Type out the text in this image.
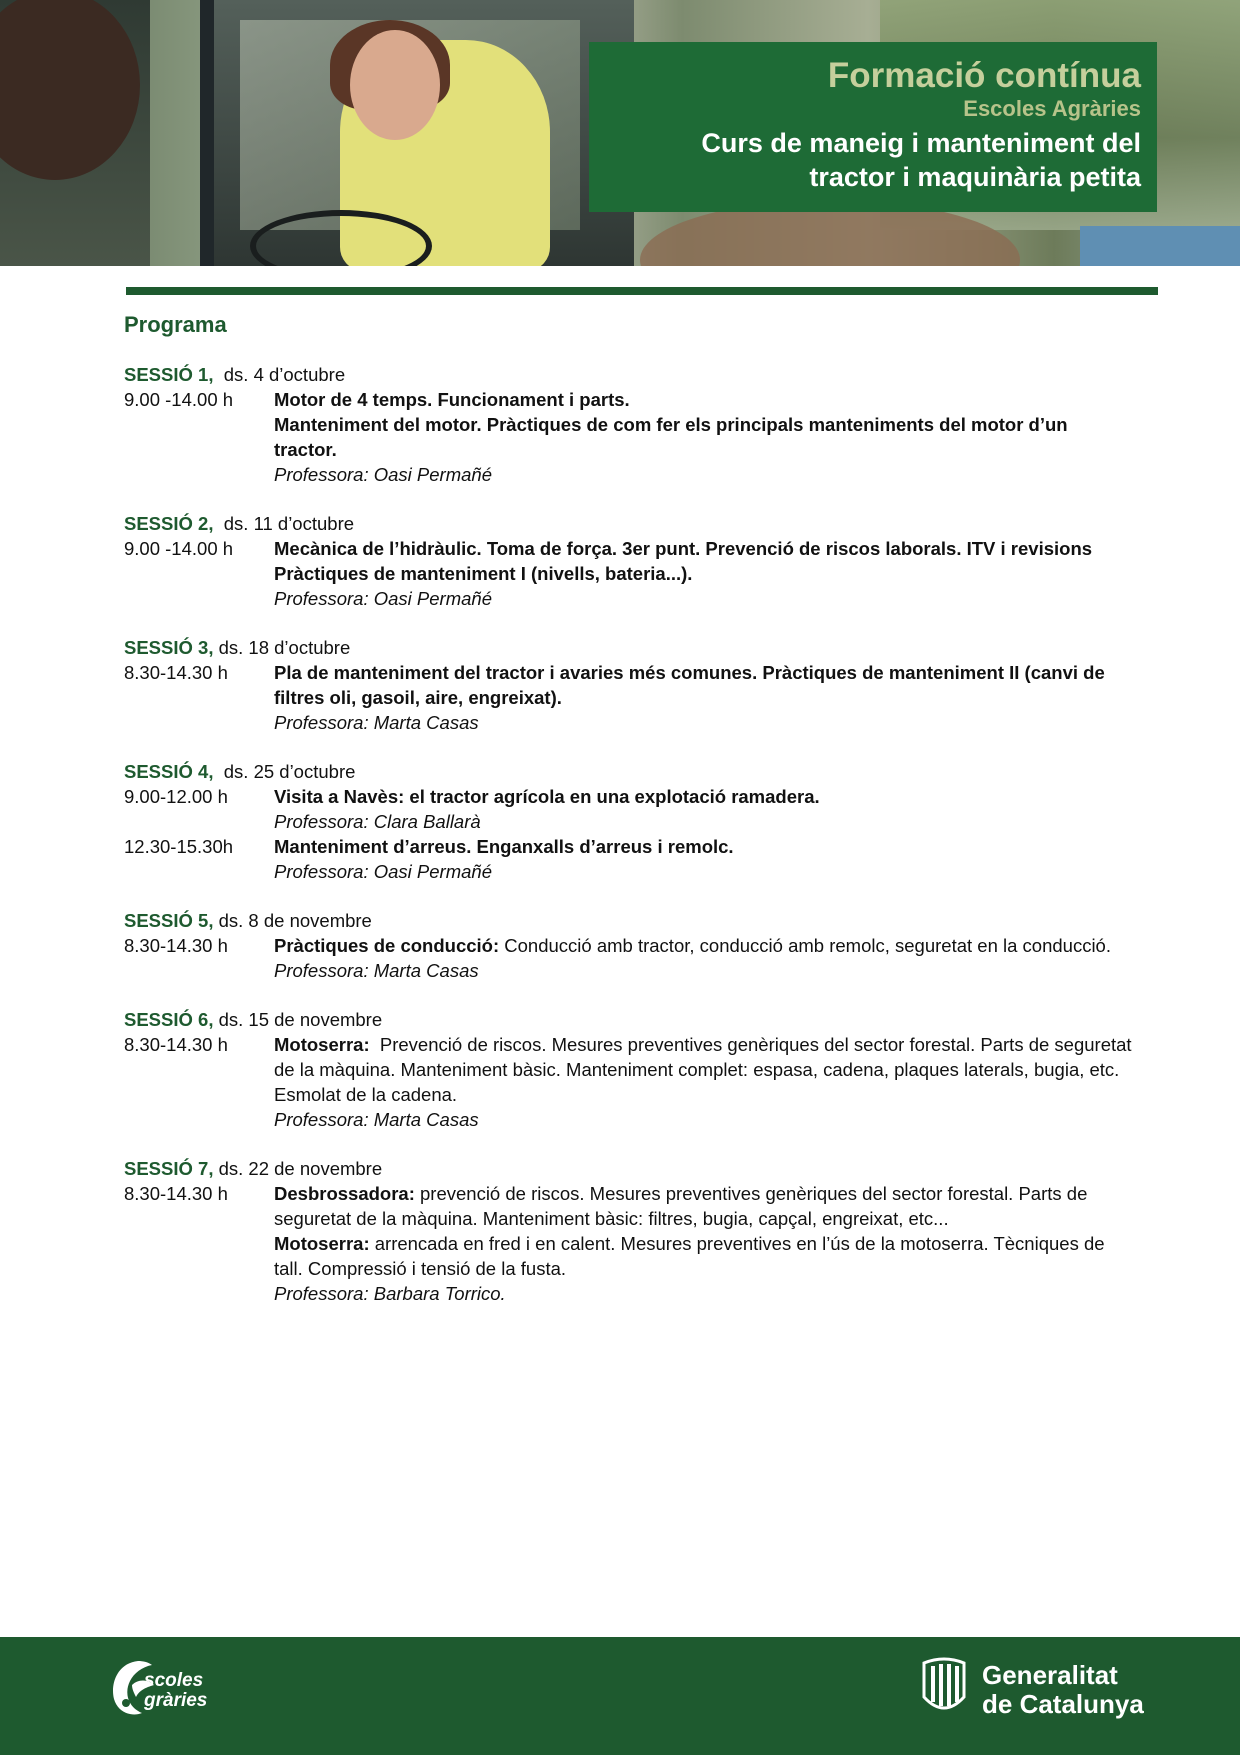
Formació contínua
Escoles Agràries
Curs de maneig i manteniment del
tractor i maquinària petita
Programa
SESSIÓ 1, ds. 4 d’octubre
9.00 -14.00 h	Motor de 4 temps. Funcionament i parts.
Manteniment del motor. Pràctiques de com fer els principals manteniments del motor d’un tractor.
Professora: Oasi Permañé
SESSIÓ 2, ds. 11 d’octubre
9.00 -14.00 h	Mecànica de l’hidràulic. Toma de força. 3er punt. Prevenció de riscos laborals. ITV i revisions Pràctiques de manteniment I (nivells, bateria...).
Professora: Oasi Permañé
SESSIÓ 3, ds. 18 d’octubre
8.30-14.30 h	Pla de manteniment del tractor i avaries més comunes. Pràctiques de manteniment II (canvi de filtres oli, gasoil, aire, engreixat).
Professora: Marta Casas
SESSIÓ 4, ds. 25 d’octubre
9.00-12.00 h	Visita a Navès: el tractor agrícola en una explotació ramadera.
Professora: Clara Ballarà
12.30-15.30h	Manteniment d’arreus. Enganxalls d’arreus i remolc.
Professora: Oasi Permañé
SESSIÓ 5, ds. 8 de novembre
8.30-14.30 h	Pràctiques de conducció: Conducció amb tractor, conducció amb remolc, seguretat en la conducció.
Professora: Marta Casas
SESSIÓ 6, ds. 15 de novembre
8.30-14.30 h	Motoserra:  Prevenció de riscos. Mesures preventives genèriques del sector forestal. Parts de seguretat de la màquina. Manteniment bàsic. Manteniment complet: espasa, cadena, plaques laterals, bugia, etc. Esmolat de la cadena.
Professora: Marta Casas
SESSIÓ 7, ds. 22 de novembre
8.30-14.30 h	Desbrossadora: prevenció de riscos. Mesures preventives genèriques del sector forestal. Parts de seguretat de la màquina. Manteniment bàsic: filtres, bugia, capçal, engreixat, etc...
Motoserra: arrencada en fred i en calent. Mesures preventives en l’ús de la motoserra. Tècniques de tall. Compressió i tensió de la fusta.
Professora: Barbara Torrico.
scoles
gràries
Generalitat
de Catalunya
